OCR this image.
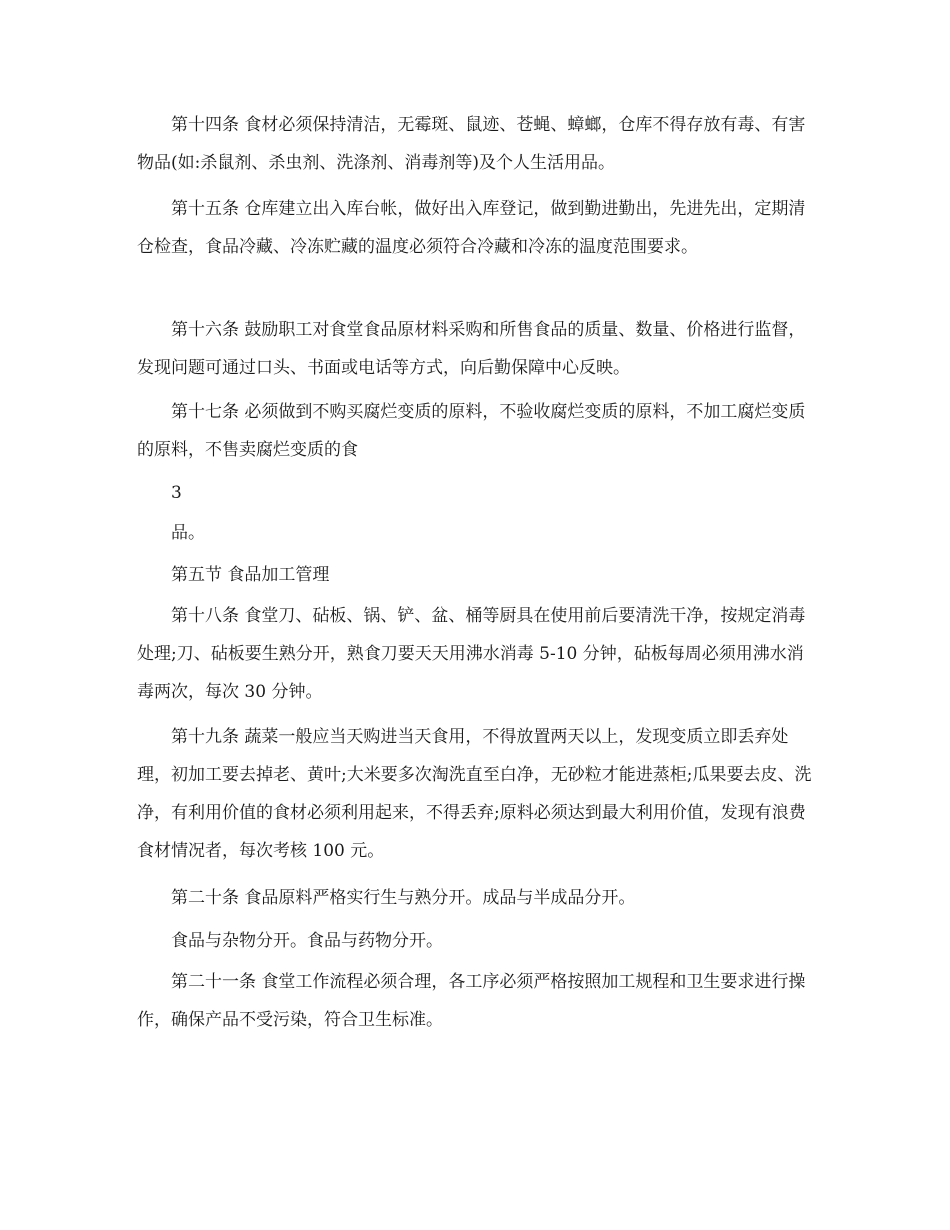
第十四条 食材必须保持清洁，无霉斑、鼠迹、苍蝇、蟑螂，仓库不得存放有毒、有害物品(如:杀鼠剂、杀虫剂、洗涤剂、消毒剂等)及个人生活用品。

第十五条 仓库建立出入库台帐，做好出入库登记，做到勤进勤出，先进先出，定期清仓检查，食品冷藏、冷冻贮藏的温度必须符合冷藏和冷冻的温度范围要求。

第十六条 鼓励职工对食堂食品原材料采购和所售食品的质量、数量、价格进行监督，发现问题可通过口头、书面或电话等方式，向后勤保障中心反映。

第十七条 必须做到不购买腐烂变质的原料，不验收腐烂变质的原料，不加工腐烂变质的原料，不售卖腐烂变质的食

3

品。

第五节 食品加工管理

第十八条 食堂刀、砧板、锅、铲、盆、桶等厨具在使用前后要清洗干净，按规定消毒处理;刀、砧板要生熟分开，熟食刀要天天用沸水消毒 5-10 分钟，砧板每周必须用沸水消毒两次，每次 30 分钟。

第十九条 蔬菜一般应当天购进当天食用，不得放置两天以上，发现变质立即丢弃处理，初加工要去掉老、黄叶;大米要多次淘洗直至白净，无砂粒才能进蒸柜;瓜果要去皮、洗净，有利用价值的食材必须利用起来，不得丢弃;原料必须达到最大利用价值，发现有浪费食材情况者，每次考核 100 元。

第二十条 食品原料严格实行生与熟分开。成品与半成品分开。

食品与杂物分开。食品与药物分开。

第二十一条 食堂工作流程必须合理，各工序必须严格按照加工规程和卫生要求进行操作，确保产品不受污染，符合卫生标准。
